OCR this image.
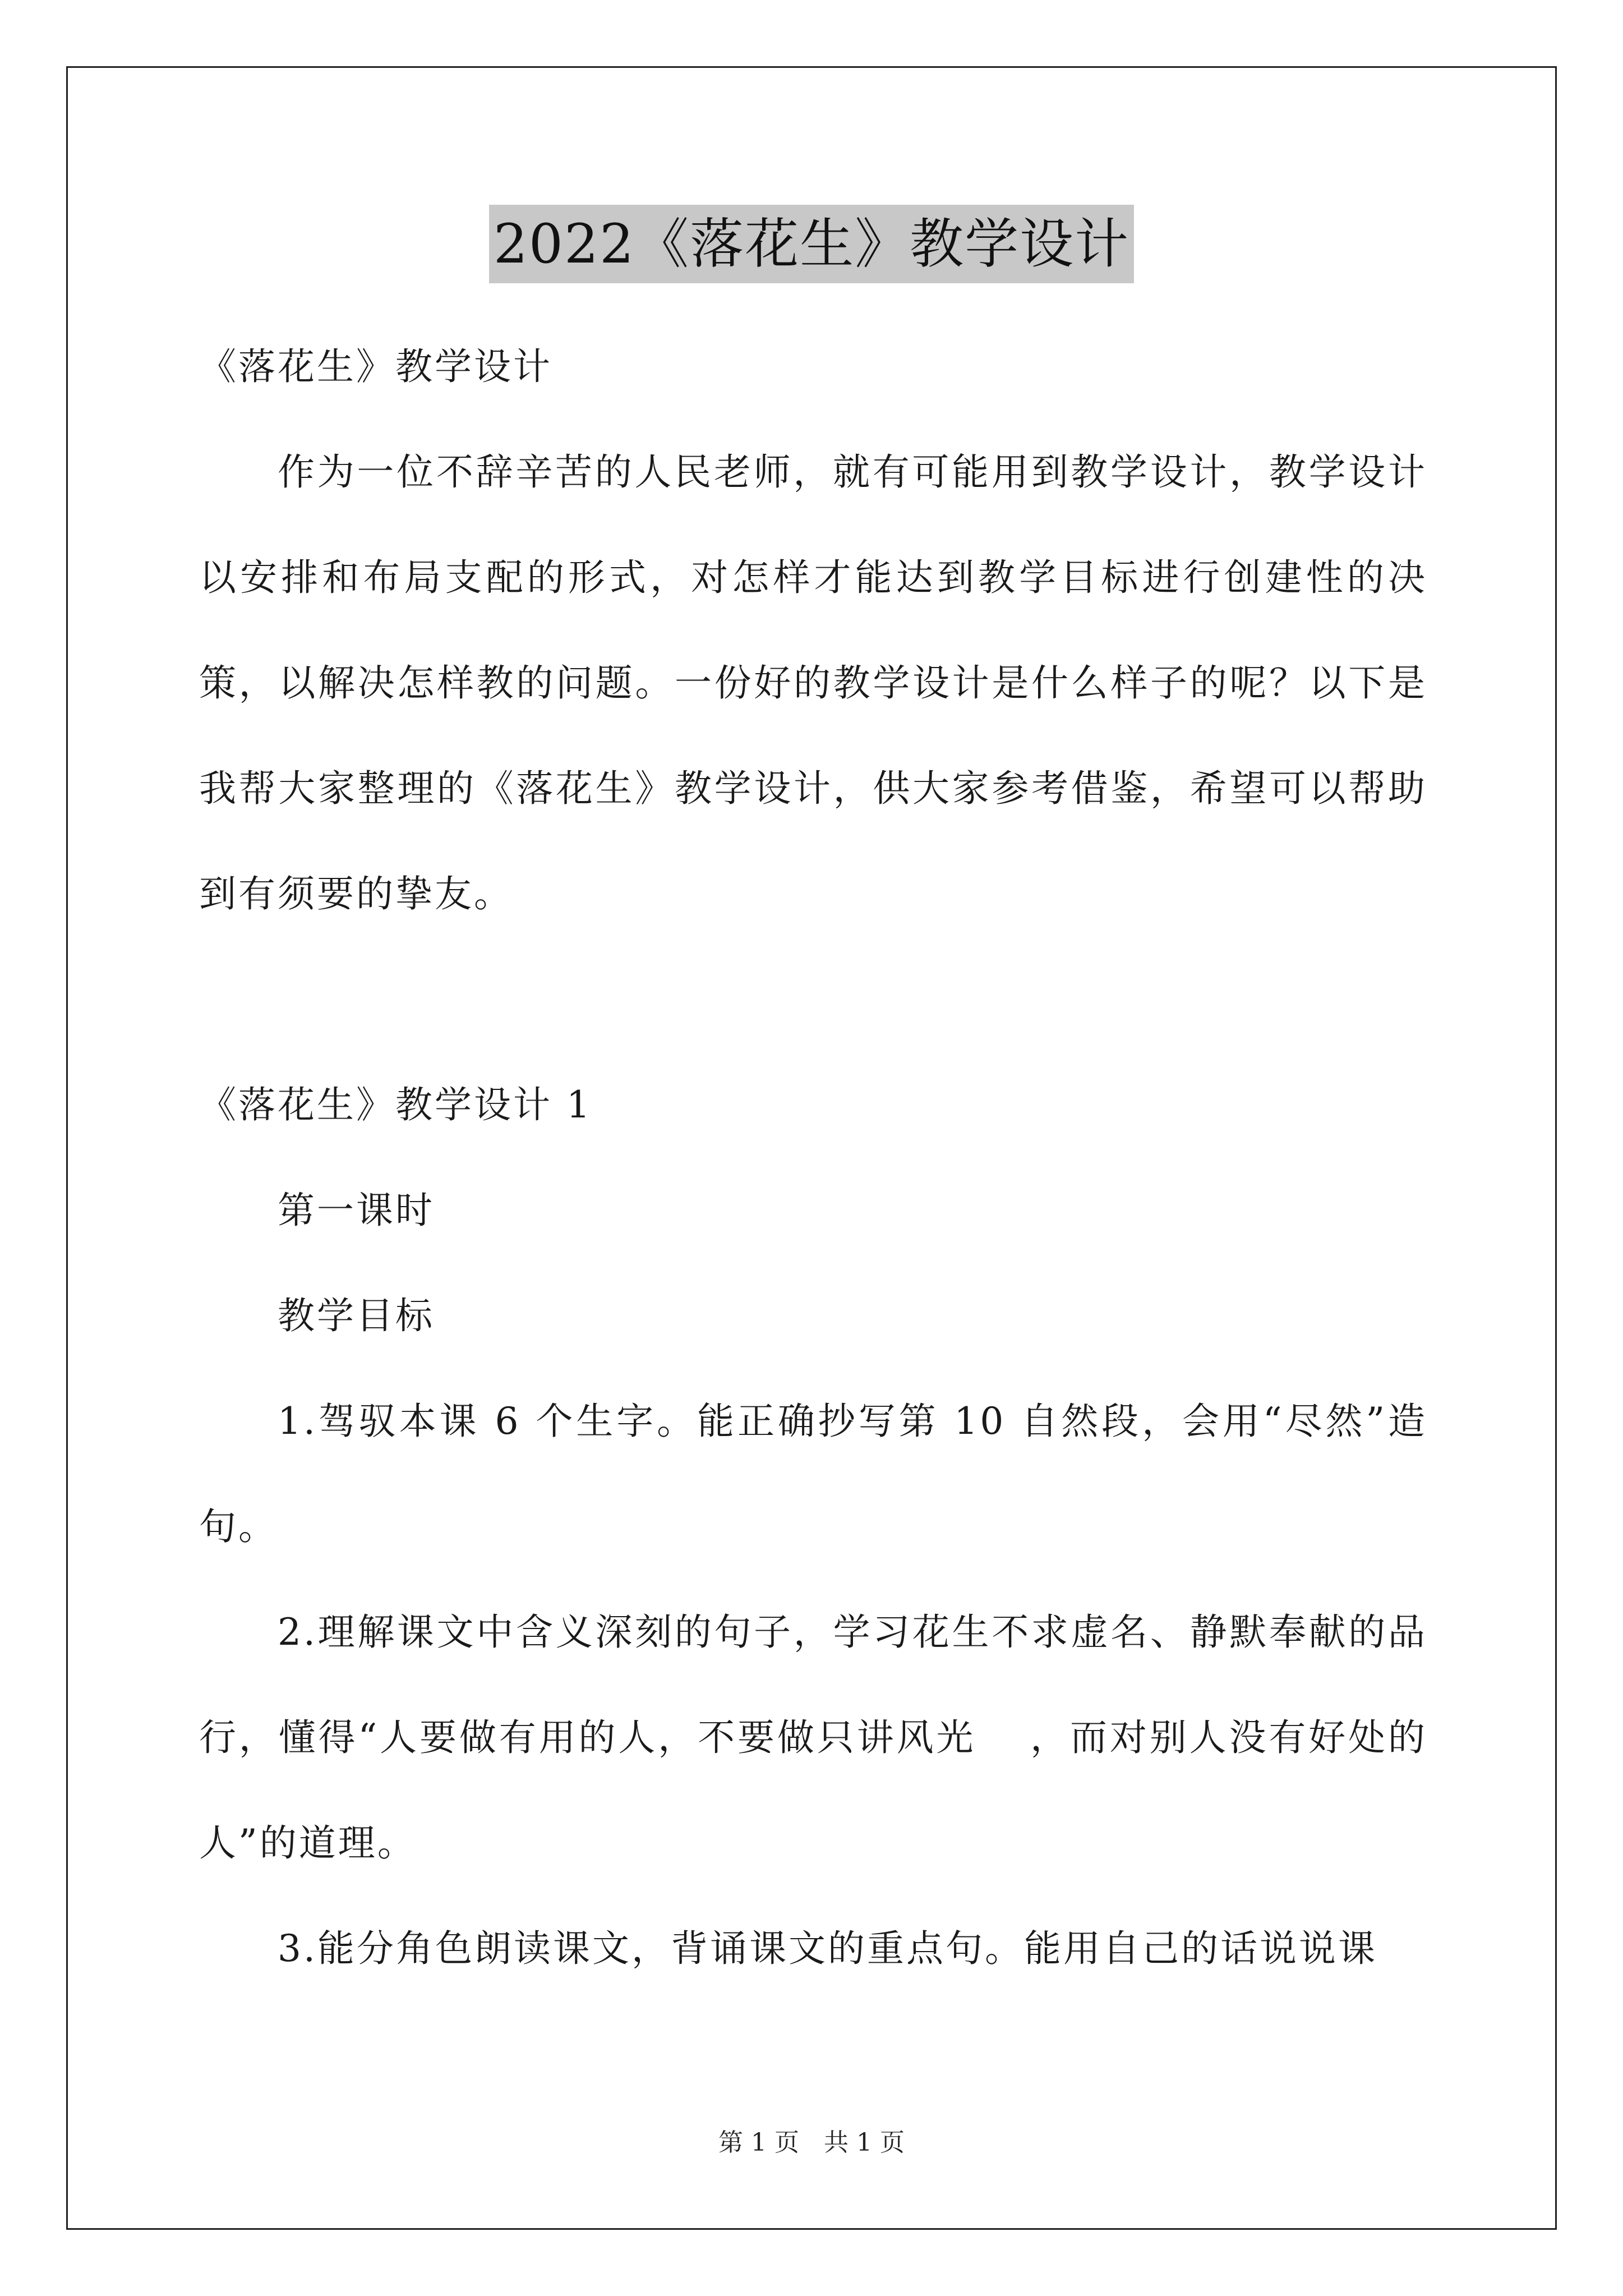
2022《落花生》教学设计

《落花生》教学设计

作为一位不辞辛苦的人民老师，就有可能用到教学设计，教学设计以安排和布局支配的形式，对怎样才能达到教学目标进行创建性的决策，以解决怎样教的问题。一份好的教学设计是什么样子的呢？以下是我帮大家整理的《落花生》教学设计，供大家参考借鉴，希望可以帮助到有须要的挚友。

《落花生》教学设计 1

第一课时

教学目标

1.驾驭本课 6 个生字。能正确抄写第 10 自然段，会用“尽然”造句。

2.理解课文中含义深刻的句子，学习花生不求虚名、静默奉献的品行，懂得“人要做有用的人，不要做只讲风光　 ，而对别人没有好处的人”的道理。

3.能分角色朗读课文，背诵课文的重点句。能用自己的话说说课

第 1 页　共 1 页
